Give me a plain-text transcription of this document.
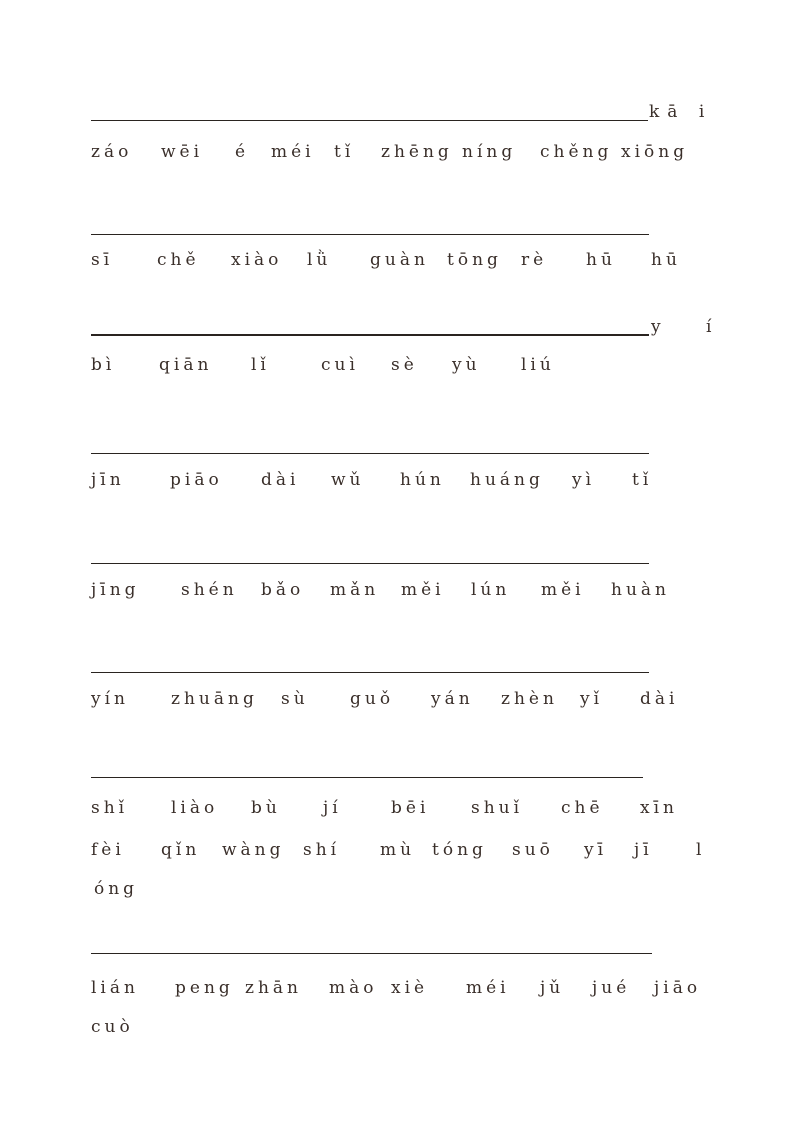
kā i
záo wēi é méi tǐ zhēng níng chěng xiōng
sī	chě xiào lǜ guàn tōng rè hū hū
y í
bì	qiān lǐ	cuì sè yù liú
jīn	piāo dài wǔ hún huáng yì tǐ
jīng shén bǎo mǎn měi lún měi huàn
yín zhuāng sù guǒ yán zhèn yǐ dài
shǐ	liào bù jí	bēi shuǐ chē xīn
fèi qǐn wàng shí mù tóng suō yī jī	l
óng
lián peng zhān mào xiè méi jǔ jué jiāo
cuò
